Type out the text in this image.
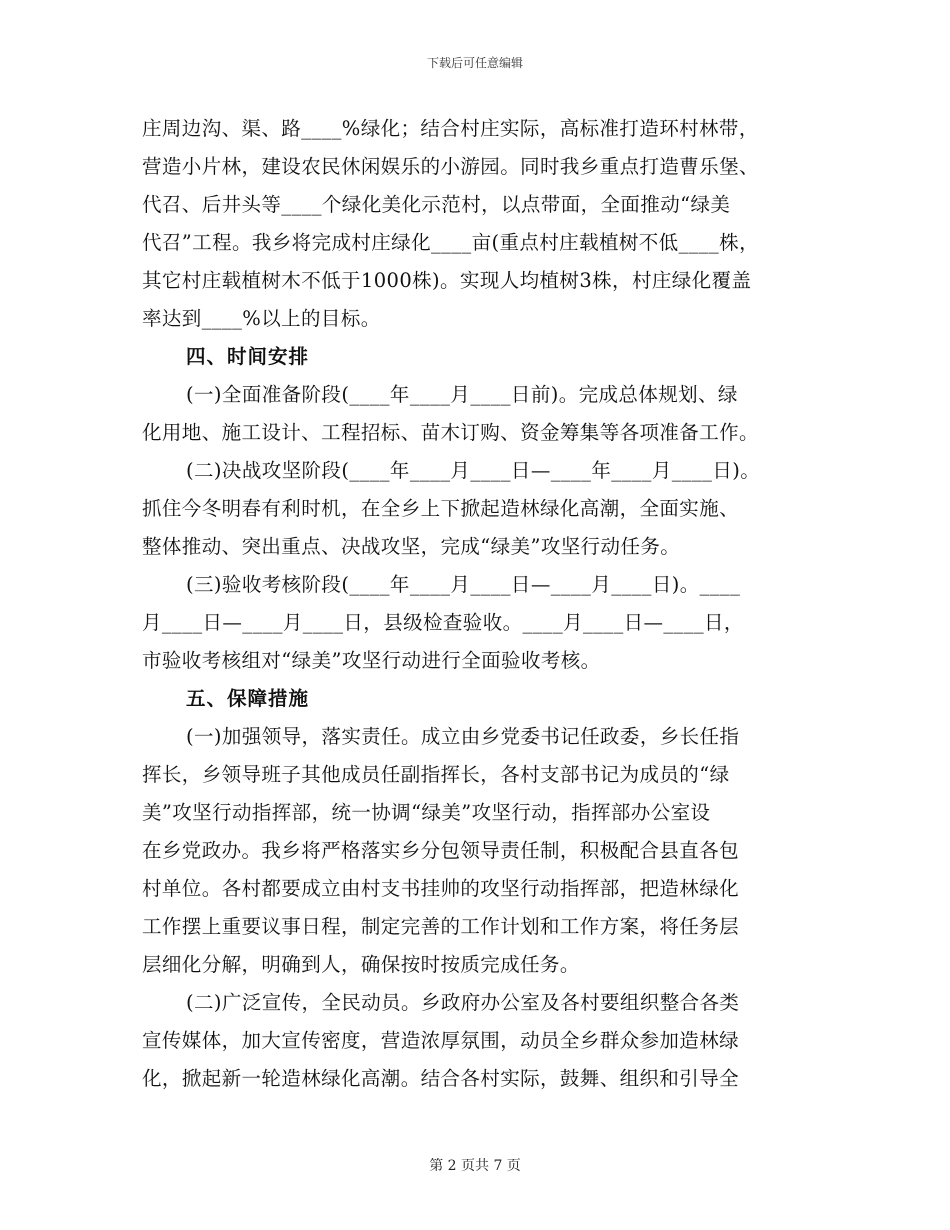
下载后可任意编辑
庄周边沟、渠、路____%绿化；结合村庄实际，高标准打造环村林带，
营造小片林，建设农民休闲娱乐的小游园。同时我乡重点打造曹乐堡、
代召、后井头等____个绿化美化示范村，以点带面，全面推动“绿美
代召”工程。我乡将完成村庄绿化____亩(重点村庄载植树不低____株，
其它村庄载植树木不低于1000株)。实现人均植树3株，村庄绿化覆盖
率达到____%以上的目标。
四、时间安排
(一)全面准备阶段(____年____月____日前)。完成总体规划、绿
化用地、施工设计、工程招标、苗木订购、资金筹集等各项准备工作。
(二)决战攻坚阶段(____年____月____日—____年____月____日)。
抓住今冬明春有利时机，在全乡上下掀起造林绿化高潮，全面实施、
整体推动、突出重点、决战攻坚，完成“绿美”攻坚行动任务。
(三)验收考核阶段(____年____月____日—____月____日)。____
月____日—____月____日，县级检查验收。____月____日—____日，
市验收考核组对“绿美”攻坚行动进行全面验收考核。
五、保障措施
(一)加强领导，落实责任。成立由乡党委书记任政委，乡长任指
挥长，乡领导班子其他成员任副指挥长，各村支部书记为成员的“绿
美”攻坚行动指挥部，统一协调“绿美”攻坚行动，指挥部办公室设
在乡党政办。我乡将严格落实乡分包领导责任制，积极配合县直各包
村单位。各村都要成立由村支书挂帅的攻坚行动指挥部，把造林绿化
工作摆上重要议事日程，制定完善的工作计划和工作方案，将任务层
层细化分解，明确到人，确保按时按质完成任务。
(二)广泛宣传，全民动员。乡政府办公室及各村要组织整合各类
宣传媒体，加大宣传密度，营造浓厚氛围，动员全乡群众参加造林绿
化，掀起新一轮造林绿化高潮。结合各村实际，鼓舞、组织和引导全
第 2 页共 7 页
